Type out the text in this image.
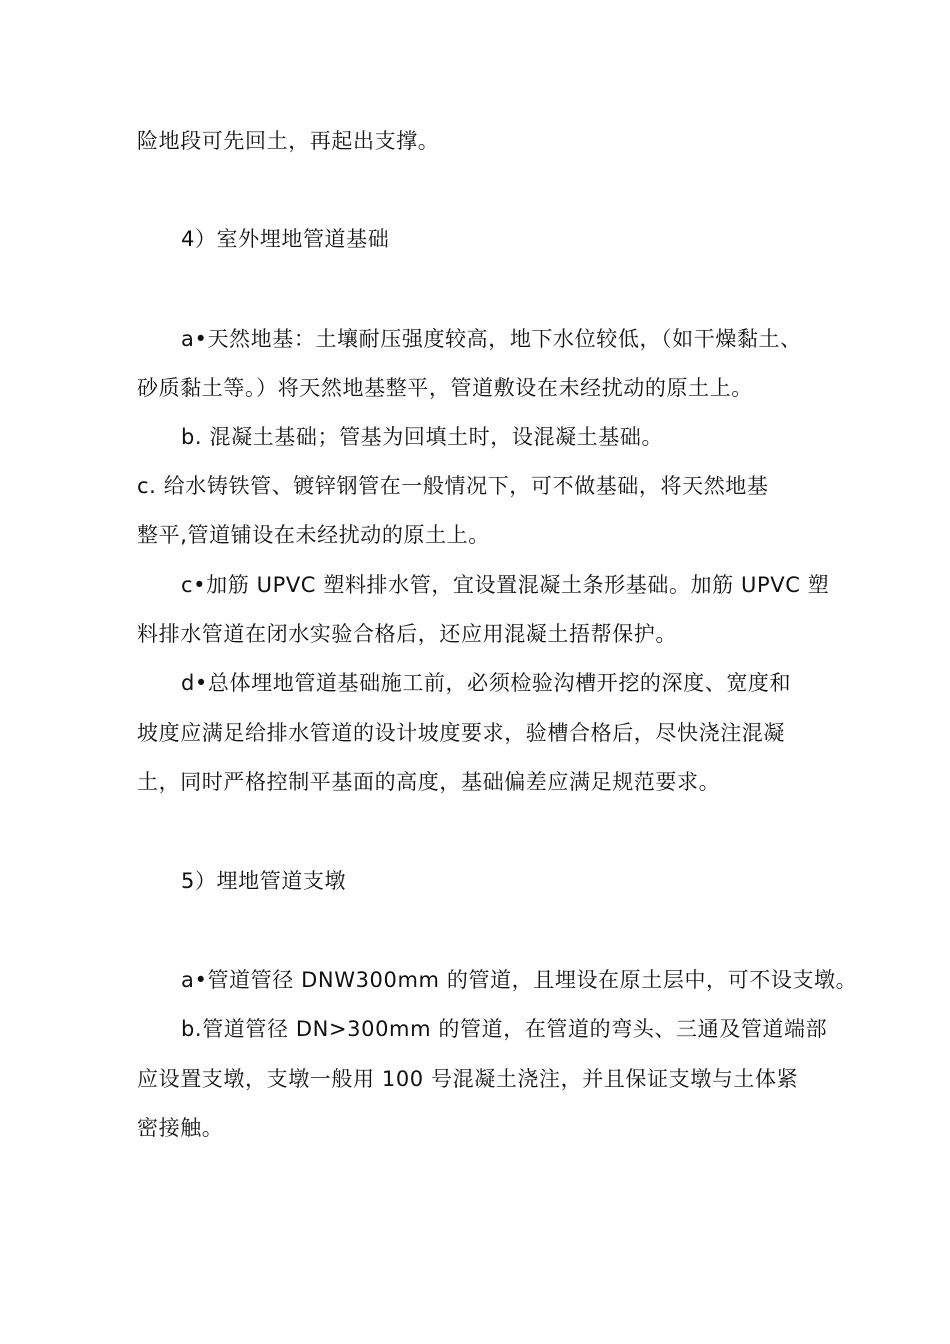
险地段可先回土，再起出支撑。
4）室外埋地管道基础
a•天然地基：土壤耐压强度较高，地下水位较低，（如干燥黏土、
砂质黏土等。）将天然地基整平，管道敷设在未经扰动的原土上。
b. 混凝土基础；管基为回填土时，设混凝土基础。
c. 给水铸铁管、镀锌钢管在一般情况下，可不做基础，将天然地基
整平,管道铺设在未经扰动的原土上。
c•加筋 UPVC 塑料排水管，宜设置混凝土条形基础。加筋 UPVC 塑
料排水管道在闭水实验合格后，还应用混凝土捂帮保护。
d•总体埋地管道基础施工前，必须检验沟槽开挖的深度、宽度和
坡度应满足给排水管道的设计坡度要求，验槽合格后，尽快浇注混凝
土，同时严格控制平基面的高度，基础偏差应满足规范要求。
5）埋地管道支墩
a•管道管径 DNW300mm 的管道，且埋设在原土层中，可不设支墩。
b.管道管径 DN>300mm 的管道，在管道的弯头、三通及管道端部
应设置支墩，支墩一般用 100 号混凝土浇注，并且保证支墩与土体紧
密接触。
